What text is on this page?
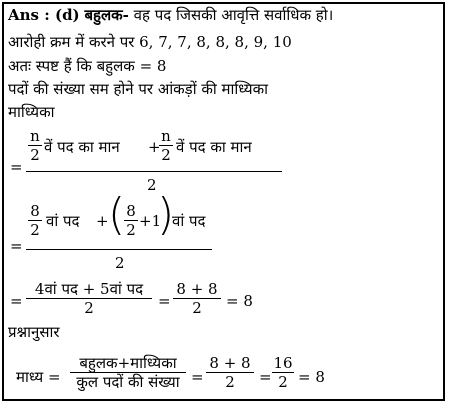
Ans : (d) बहुलक- वह पद जिसकी आवृत्ति सर्वाधिक हो।
आरोही क्रम में करने पर 6, 7, 7, 8, 8, 8, 9, 10
अतः स्पष्ट हैं कि बहुलक = 8
पदों की संख्या सम होने पर आंकड़ों की माध्यिका
माध्यिका
=
n
2 वें पद का मान +
n
2 वें पद का मान
2
=
8
2 वां पद + ( 8
2 +1
)
वां पद
2
=
4वां पद + 5वां पद
2	=
8 + 8
2	= 8
प्रश्नानुसार
माध्य =
बहुलक+माध्यिका
कुल पदों की संख्या =
8 + 8
2	=
16
2 = 8
